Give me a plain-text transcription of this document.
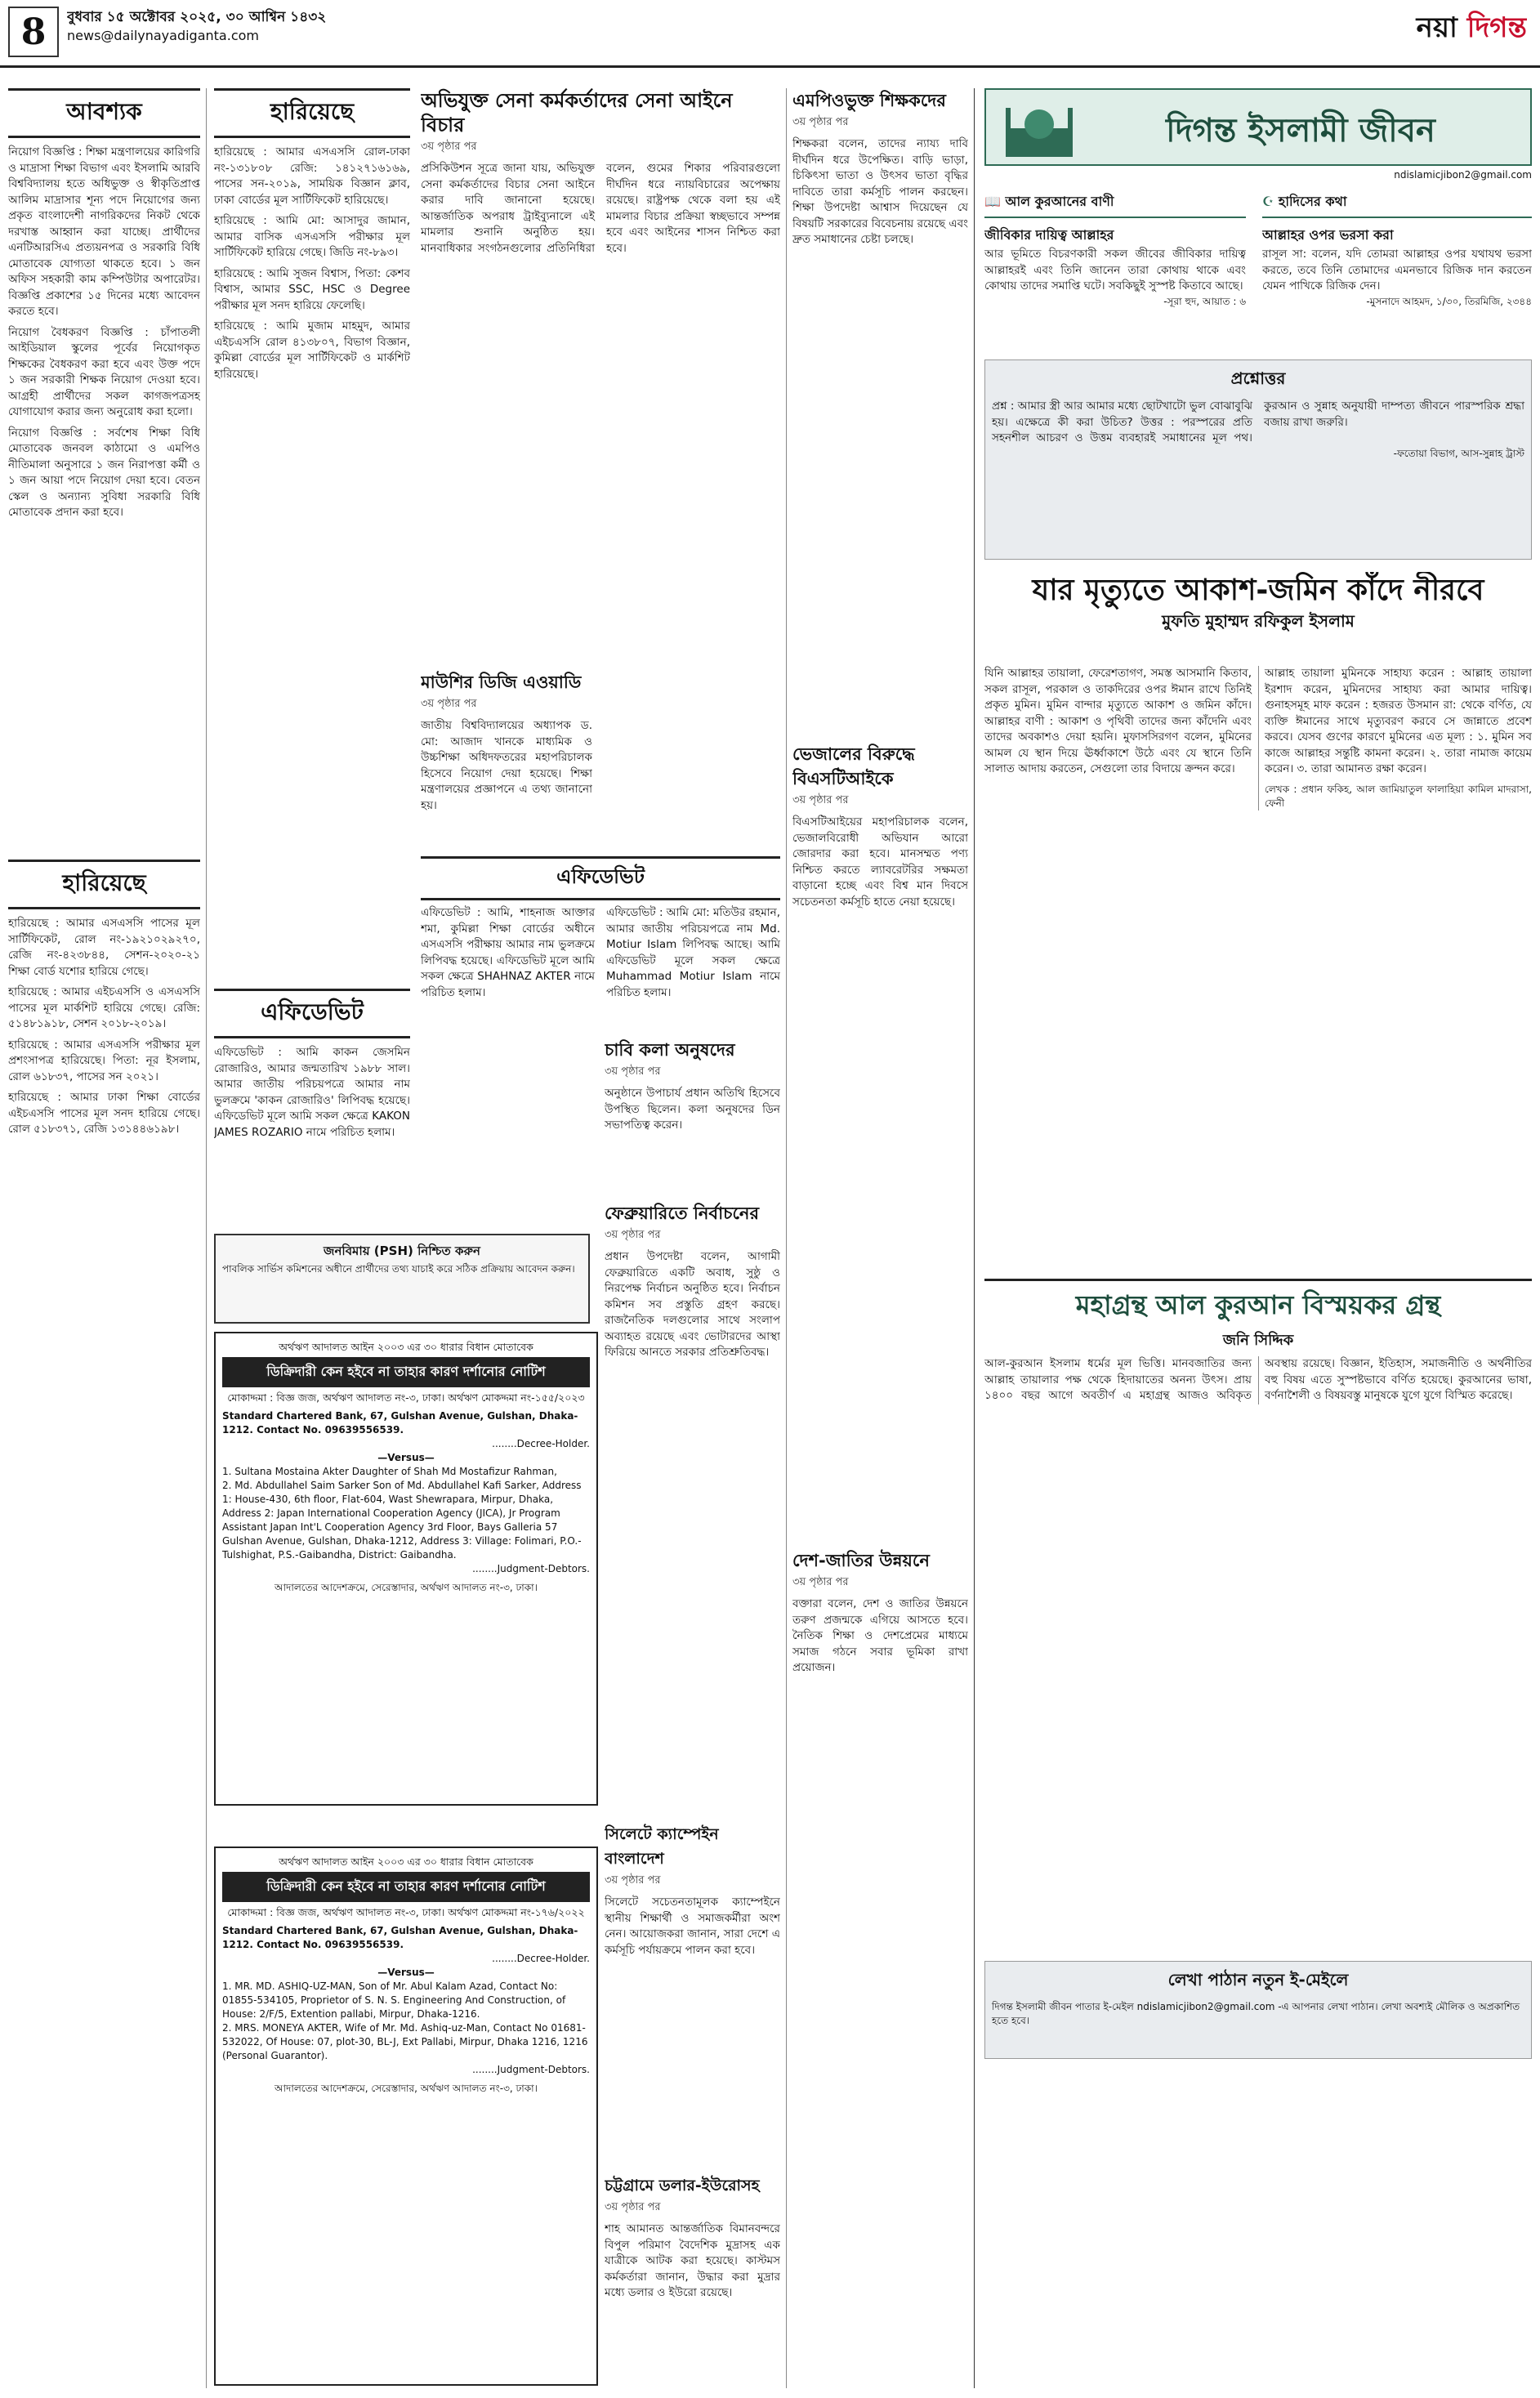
8	বুধবার ১৫ অক্টোবর ২০২৫, ৩০ আশ্বিন ১৪৩২
news@dailynayadiganta.com	নয়া দিগন্ত
আবশ্যক

নিয়োগ বিজ্ঞপ্তি : শিক্ষা মন্ত্রণালয়ের কারিগরি ও মাদ্রাসা শিক্ষা বিভাগ এবং ইসলামি আরবি বিশ্ববিদ্যালয় হতে অধিভুক্ত ও স্বীকৃতিপ্রাপ্ত আলিম মাদ্রাসার শূন্য পদে নিয়োগের জন্য প্রকৃত বাংলাদেশী নাগরিকদের নিকট থেকে দরখাস্ত আহ্বান করা যাচ্ছে। প্রার্থীদের এনটিআরসিএ প্রত্যয়নপত্র ও সরকারি বিধি মোতাবেক যোগ্যতা থাকতে হবে। ১ জন অফিস সহকারী কাম কম্পিউটার অপারেটর। বিজ্ঞপ্তি প্রকাশের ১৫ দিনের মধ্যে আবেদন করতে হবে।

নিয়োগ বৈধকরণ বিজ্ঞপ্তি : চাঁপাতলী আইডিয়াল স্কুলের পূর্বের নিয়োগকৃত শিক্ষকের বৈধকরণ করা হবে এবং উক্ত পদে ১ জন সরকারী শিক্ষক নিয়োগ দেওয়া হবে। আগ্রহী প্রার্থীদের সকল কাগজপত্রসহ যোগাযোগ করার জন্য অনুরোধ করা হলো।

নিয়োগ বিজ্ঞপ্তি : সর্বশেষ শিক্ষা বিধি মোতাবেক জনবল কাঠামো ও এমপিও নীতিমালা অনুসারে ১ জন নিরাপত্তা কর্মী ও ১ জন আয়া পদে নিয়োগ দেয়া হবে। বেতন স্কেল ও অন্যান্য সুবিধা সরকারি বিধি মোতাবেক প্রদান করা হবে।

হারিয়েছে

হারিয়েছে : আমার এসএসসি পাসের মূল সার্টিফিকেট, রোল নং-১৯২১০২৯২৭০, রেজি নং-৪২৩৮৪৪, সেশন-২০২০-২১ শিক্ষা বোর্ড যশোর হারিয়ে গেছে।

হারিয়েছে : আমার এইচএসসি ও এসএসসি পাসের মূল মার্কশিট হারিয়ে গেছে। রেজি: ৫১৪৮১৯১৮, সেশন ২০১৮-২০১৯।

হারিয়েছে : আমার এসএসসি পরীক্ষার মূল প্রশংসাপত্র হারিয়েছে। পিতা: নূর ইসলাম, রোল ৬১৮৩৭, পাসের সন ২০২১।

হারিয়েছে : আমার ঢাকা শিক্ষা বোর্ডের এইচএসসি পাসের মূল সনদ হারিয়ে গেছে। রোল ৫১৮৩৭১, রেজি ১৩১৪৪৬১৯৮।

হারিয়েছে

হারিয়েছে : আমার এসএসসি রোল-ঢাকা নং-১৩১৮০৮ রেজি: ১৪১২৭১৬১৬৯, পাসের সন-২০১৯, সাময়িক বিজ্ঞান ক্লাব, ঢাকা বোর্ডের মূল সার্টিফিকেট হারিয়েছে।

হারিয়েছে : আমি মো: আসাদুর জামান, আমার বাসিক এসএসসি পরীক্ষার মূল সার্টিফিকেট হারিয়ে গেছে। জিডি নং-৮৯৩।

হারিয়েছে : আমি সুজন বিশ্বাস, পিতা: কেশব বিশ্বাস, আমার SSC, HSC ও Degree পরীক্ষার মূল সনদ হারিয়ে ফেলেছি।

হারিয়েছে : আমি মুজাম মাহমুদ, আমার এইচএসসি রোল ৪১৩৮০৭, বিভাগ বিজ্ঞান, কুমিল্লা বোর্ডের মূল সার্টিফিকেট ও মার্কশিট হারিয়েছে।

এফিডেভিট
এফিডেভিট : আমি কাকন জেসমিন রোজারিও, আমার জন্মতারিখ ১৯৮৮ সাল। আমার জাতীয় পরিচয়পত্রে আমার নাম ভুলক্রমে 'কাকন রোজারিও' লিপিবদ্ধ হয়েছে। এফিডেভিট মূলে আমি সকল ক্ষেত্রে KAKON JAMES ROZARIO নামে পরিচিত হলাম।
অভিযুক্ত সেনা কর্মকর্তাদের সেনা আইনে বিচার
৩য় পৃষ্ঠার পর
প্রসিকিউশন সূত্রে জানা যায়, অভিযুক্ত সেনা কর্মকর্তাদের বিচার সেনা আইনে করার দাবি জানানো হয়েছে। আন্তর্জাতিক অপরাধ ট্রাইব্যুনালে এই মামলার শুনানি অনুষ্ঠিত হয়। মানবাধিকার সংগঠনগুলোর প্রতিনিধিরা বলেন, গুমের শিকার পরিবারগুলো দীর্ঘদিন ধরে ন্যায়বিচারের অপেক্ষায় রয়েছে। রাষ্ট্রপক্ষ থেকে বলা হয় এই মামলার বিচার প্রক্রিয়া স্বচ্ছভাবে সম্পন্ন হবে এবং আইনের শাসন নিশ্চিত করা হবে।
মাউশির ডিজি এওয়াডি
৩য় পৃষ্ঠার পর
জাতীয় বিশ্ববিদ্যালয়ের অধ্যাপক ড. মো: আজাদ খানকে মাধ্যমিক ও উচ্চশিক্ষা অধিদফতরের মহাপরিচালক হিসেবে নিয়োগ দেয়া হয়েছে। শিক্ষা মন্ত্রণালয়ের প্রজ্ঞাপনে এ তথ্য জানানো হয়।
এফিডেভিট

এফিডেভিট : আমি, শাহনাজ আক্তার শমা, কুমিল্লা শিক্ষা বোর্ডের অধীনে এসএসসি পরীক্ষায় আমার নাম ভুলক্রমে লিপিবদ্ধ হয়েছে। এফিডেভিট মূলে আমি সকল ক্ষেত্রে SHAHNAZ AKTER নামে পরিচিত হলাম।

এফিডেভিট : আমি মো: মতিউর রহমান, আমার জাতীয় পরিচয়পত্রে নাম Md. Motiur Islam লিপিবদ্ধ আছে। আমি এফিডেভিট মূলে সকল ক্ষেত্রে Muhammad Motiur Islam নামে পরিচিত হলাম।

চাবি কলা অনুষদের
৩য় পৃষ্ঠার পর
অনুষ্ঠানে উপাচার্য প্রধান অতিথি হিসেবে উপস্থিত ছিলেন। কলা অনুষদের ডিন সভাপতিত্ব করেন।
ফেব্রুয়ারিতে নির্বাচনের
৩য় পৃষ্ঠার পর
প্রধান উপদেষ্টা বলেন, আগামী ফেব্রুয়ারিতে একটি অবাধ, সুষ্ঠু ও নিরপেক্ষ নির্বাচন অনুষ্ঠিত হবে। নির্বাচন কমিশন সব প্রস্তুতি গ্রহণ করছে। রাজনৈতিক দলগুলোর সাথে সংলাপ অব্যাহত রয়েছে এবং ভোটারদের আস্থা ফিরিয়ে আনতে সরকার প্রতিশ্রুতিবদ্ধ।
জনবিমায় (PSH) নিশ্চিত করুন
পাবলিক সার্ভিস কমিশনের অধীনে প্রার্থীদের তথ্য যাচাই করে সঠিক প্রক্রিয়ায় আবেদন করুন।
অর্থঋণ আদালত আইন ২০০৩ এর ৩০ ধারার বিধান মোতাবেক
ডিক্রিদারী কেন হইবে না তাহার কারণ দর্শানোর নোটিশ
মোকাদ্দমা : বিজ্ঞ জজ, অর্থঋণ আদালত নং-৩, ঢাকা। অর্থঋণ মোকদ্দমা নং-১৫৫/২০২৩
Standard Chartered Bank, 67, Gulshan Avenue, Gulshan, Dhaka-1212. Contact No. 09639556539.
........Decree-Holder.
—Versus—
1. Sultana Mostaina Akter Daughter of Shah Md Mostafizur Rahman,
2. Md. Abdullahel Saim Sarker Son of Md. Abdullahel Kafi Sarker, Address 1: House-430, 6th floor, Flat-604, Wast Shewrapara, Mirpur, Dhaka, Address 2: Japan International Cooperation Agency (JICA), Jr Program Assistant Japan Int'L Cooperation Agency 3rd Floor, Bays Galleria 57 Gulshan Avenue, Gulshan, Dhaka-1212, Address 3: Village: Folimari, P.O.-Tulshighat, P.S.-Gaibandha, District: Gaibandha.
........Judgment-Debtors.
আদালতের আদেশক্রমে, সেরেস্তাদার, অর্থঋণ আদালত নং-৩, ঢাকা।
অর্থঋণ আদালত আইন ২০০৩ এর ৩০ ধারার বিধান মোতাবেক
ডিক্রিদারী কেন হইবে না তাহার কারণ দর্শানোর নোটিশ
মোকাদ্দমা : বিজ্ঞ জজ, অর্থঋণ আদালত নং-৩, ঢাকা। অর্থঋণ মোকদ্দমা নং-১৭৬/২০২২
Standard Chartered Bank, 67, Gulshan Avenue, Gulshan, Dhaka-1212. Contact No. 09639556539.
........Decree-Holder.
—Versus—
1. MR. MD. ASHIQ-UZ-MAN, Son of Mr. Abul Kalam Azad, Contact No: 01855-534105, Proprietor of S. N. S. Engineering And Construction, of House: 2/F/5, Extention pallabi, Mirpur, Dhaka-1216.
2. MRS. MONEYA AKTER, Wife of Mr. Md. Ashiq-uz-Man, Contact No 01681-532022, Of House: 07, plot-30, BL-J, Ext Pallabi, Mirpur, Dhaka 1216, 1216 (Personal Guarantor).
........Judgment-Debtors.
আদালতের আদেশক্রমে, সেরেস্তাদার, অর্থঋণ আদালত নং-৩, ঢাকা।
সিলেটে ক্যাম্পেইন বাংলাদেশ
৩য় পৃষ্ঠার পর
সিলেটে সচেতনতামূলক ক্যাম্পেইনে স্থানীয় শিক্ষার্থী ও সমাজকর্মীরা অংশ নেন। আয়োজকরা জানান, সারা দেশে এ কর্মসূচি পর্যায়ক্রমে পালন করা হবে।
চট্টগ্রামে ডলার-ইউরোসহ
৩য় পৃষ্ঠার পর
শাহ আমানত আন্তর্জাতিক বিমানবন্দরে বিপুল পরিমাণ বৈদেশিক মুদ্রাসহ এক যাত্রীকে আটক করা হয়েছে। কাস্টমস কর্মকর্তারা জানান, উদ্ধার করা মুদ্রার মধ্যে ডলার ও ইউরো রয়েছে।
এমপিওভুক্ত শিক্ষকদের
৩য় পৃষ্ঠার পর
শিক্ষকরা বলেন, তাদের ন্যায্য দাবি দীর্ঘদিন ধরে উপেক্ষিত। বাড়ি ভাড়া, চিকিৎসা ভাতা ও উৎসব ভাতা বৃদ্ধির দাবিতে তারা কর্মসূচি পালন করছেন। শিক্ষা উপদেষ্টা আশ্বাস দিয়েছেন যে বিষয়টি সরকারের বিবেচনায় রয়েছে এবং দ্রুত সমাধানের চেষ্টা চলছে।
ভেজালের বিরুদ্ধে বিএসটিআইকে
৩য় পৃষ্ঠার পর
বিএসটিআইয়ের মহাপরিচালক বলেন, ভেজালবিরোধী অভিযান আরো জোরদার করা হবে। মানসম্মত পণ্য নিশ্চিত করতে ল্যাবরেটরির সক্ষমতা বাড়ানো হচ্ছে এবং বিশ্ব মান দিবসে সচেতনতা কর্মসূচি হাতে নেয়া হয়েছে।
দেশ-জাতির উন্নয়নে
৩য় পৃষ্ঠার পর
বক্তারা বলেন, দেশ ও জাতির উন্নয়নে তরুণ প্রজন্মকে এগিয়ে আসতে হবে। নৈতিক শিক্ষা ও দেশপ্রেমের মাধ্যমে সমাজ গঠনে সবার ভূমিকা রাখা প্রয়োজন।
দিগন্ত ইসলামী জীবন
ndislamicjibon2@gmail.com
📖 আল কুরআনের বাণী
জীবিকার দায়িত্ব আল্লাহর
আর ভূমিতে বিচরণকারী সকল জীবের জীবিকার দায়িত্ব আল্লাহরই এবং তিনি জানেন তারা কোথায় থাকে এবং কোথায় তাদের সমাপ্তি ঘটে। সবকিছুই সুস্পষ্ট কিতাবে আছে।
-সূরা হুদ, আয়াত : ৬
☪ হাদিসের কথা
আল্লাহর ওপর ভরসা করা
রাসূল সা: বলেন, যদি তোমরা আল্লাহর ওপর যথাযথ ভরসা করতে, তবে তিনি তোমাদের এমনভাবে রিজিক দান করতেন যেমন পাখিকে রিজিক দেন।
-মুসনাদে আহমদ, ১/৩০, তিরমিজি, ২৩৪৪
প্রশ্নোত্তর
প্রশ্ন : আমার স্ত্রী আর আমার মধ্যে ছোটখাটো ভুল বোঝাবুঝি হয়। এক্ষেত্রে কী করা উচিত? উত্তর : পরস্পরের প্রতি সহনশীল আচরণ ও উত্তম ব্যবহারই সমাধানের মূল পথ। কুরআন ও সুন্নাহ অনুযায়ী দাম্পত্য জীবনে পারস্পরিক শ্রদ্ধা বজায় রাখা জরুরি।
-ফতোয়া বিভাগ, আস-সুন্নাহ ট্রাস্ট
যার মৃত্যুতে আকাশ-জমিন কাঁদে নীরবে
মুফতি মুহাম্মদ রফিকুল ইসলাম

যিনি আল্লাহর তায়ালা, ফেরেশতাগণ, সমস্ত আসমানি কিতাব, সকল রাসূল, পরকাল ও তাকদিরের ওপর ঈমান রাখে তিনিই প্রকৃত মুমিন। মুমিন বান্দার মৃত্যুতে আকাশ ও জমিন কাঁদে। আল্লাহর বাণী : আকাশ ও পৃথিবী তাদের জন্য কাঁদেনি এবং তাদের অবকাশও দেয়া হয়নি। মুফাসসিরগণ বলেন, মুমিনের আমল যে স্থান দিয়ে ঊর্ধ্বাকাশে উঠে এবং যে স্থানে তিনি সালাত আদায় করতেন, সেগুলো তার বিদায়ে ক্রন্দন করে।

আল্লাহ তায়ালা মুমিনকে সাহায্য করেন : আল্লাহ তায়ালা ইরশাদ করেন, মুমিনদের সাহায্য করা আমার দায়িত্ব। গুনাহসমূহ মাফ করেন : হজরত উসমান রা: থেকে বর্ণিত, যে ব্যক্তি ঈমানের সাথে মৃত্যুবরণ করবে সে জান্নাতে প্রবেশ করবে। যেসব গুণের কারণে মুমিনের এত মূল্য : ১. মুমিন সব কাজে আল্লাহর সন্তুষ্টি কামনা করেন। ২. তারা নামাজ কায়েম করেন। ৩. তারা আমানত রক্ষা করেন।

লেখক : প্রধান ফকিহ, আল জামিয়াতুল ফালাহিয়া কামিল মাদরাসা, ফেনী

মহাগ্রন্থ আল কুরআন বিস্ময়কর গ্রন্থ
জনি সিদ্দিক
আল-কুরআন ইসলাম ধর্মের মূল ভিত্তি। মানবজাতির জন্য আল্লাহ তায়ালার পক্ষ থেকে হিদায়াতের অনন্য উৎস। প্রায় ১৪০০ বছর আগে অবতীর্ণ এ মহাগ্রন্থ আজও অবিকৃত অবস্থায় রয়েছে। বিজ্ঞান, ইতিহাস, সমাজনীতি ও অর্থনীতির বহু বিষয় এতে সুস্পষ্টভাবে বর্ণিত হয়েছে। কুরআনের ভাষা, বর্ণনাশৈলী ও বিষয়বস্তু মানুষকে যুগে যুগে বিস্মিত করেছে।
লেখা পাঠান নতুন ই-মেইলে
দিগন্ত ইসলামী জীবন পাতার ই-মেইল ndislamicjibon2@gmail.com -এ আপনার লেখা পাঠান। লেখা অবশ্যই মৌলিক ও অপ্রকাশিত হতে হবে।
